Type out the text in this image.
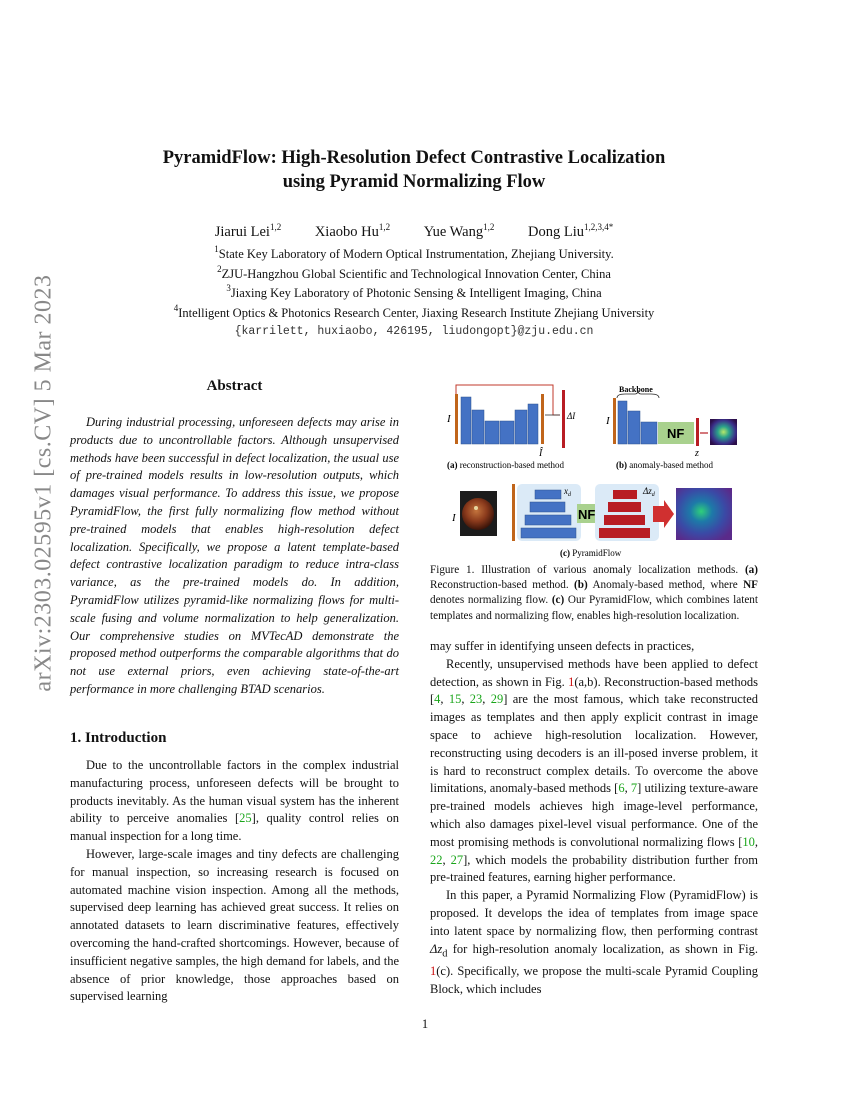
arXiv:2303.02595v1 [cs.CV] 5 Mar 2023
PyramidFlow: High-Resolution Defect Contrastive Localization
using Pyramid Normalizing Flow
Jiarui Lei$^{1,2}$ Xiaobo Hu$^{1,2}$ Yue Wang$^{1,2}$ Dong Liu$^{1,2,3,4*}$
$^1$State Key Laboratory of Modern Optical Instrumentation, Zhejiang University.
$^2$ZJU-Hangzhou Global Scientific and Technological Innovation Center, China
$^3$Jiaxing Key Laboratory of Photonic Sensing & Intelligent Imaging, China
$^4$Intelligent Optics & Photonics Research Center, Jiaxing Research Institute Zhejiang University
{karrilett, huxiaobo, 426195, liudongopt}@zju.edu.cn
Abstract
During industrial processing, unforeseen defects may arise in products due to uncontrollable factors. Although unsupervised methods have been successful in defect localization, the usual use of pre-trained models results in low-resolution outputs, which damages visual performance. To address this issue, we propose PyramidFlow, the first fully normalizing flow method without pre-trained models that enables high-resolution defect localization. Specifically, we propose a latent template-based defect contrastive localization paradigm to reduce intra-class variance, as the pre-trained models do. In addition, PyramidFlow utilizes pyramid-like normalizing flows for multi-scale fusing and volume normalization to help generalization. Our comprehensive studies on MVTecAD demonstrate the proposed method outperforms the comparable algorithms that do not use external priors, even achieving state-of-the-art performance in more challenging BTAD scenarios.
1. Introduction

Due to the uncontrollable factors in the complex industrial manufacturing process, unforeseen defects will be brought to products inevitably. As the human visual system has the inherent ability to perceive anomalies [25], quality control relies on manual inspection for a long time.

However, large-scale images and tiny defects are challenging for manual inspection, so increasing research is focused on automated machine vision inspection. Among all the methods, supervised deep learning has achieved great success. It relies on annotated datasets to learn discriminative features, effectively overcoming the hand-crafted shortcomings. However, because of insufficient negative samples, the high demand for labels, and the absence of prior knowledge, those approaches based on supervised learning

I
Î
ΔI
(a) reconstruction-based method
Backbone
I
NF
z
(b) anomaly-based method
I
$x_d$
NF
$\Delta z_d$
(c) PyramidFlow
Figure 1. Illustration of various anomaly localization methods. (a) Reconstruction-based method. (b) Anomaly-based method, where NF denotes normalizing flow. (c) Our PyramidFlow, which combines latent templates and normalizing flow, enables high-resolution localization.
may suffer in identifying unseen defects in practices,

Recently, unsupervised methods have been applied to defect detection, as shown in Fig. 1(a,b). Reconstruction-based methods [4, 15, 23, 29] are the most famous, which take reconstructed images as templates and then apply explicit contrast in image space to achieve high-resolution localization. However, reconstructing using decoders is an ill-posed inverse problem, it is hard to reconstruct complex details. To overcome the above limitations, anomaly-based methods [6, 7] utilizing texture-aware pre-trained models achieves high image-level performance, which also damages pixel-level visual performance. One of the most promising methods is convolutional normalizing flows [10, 22, 27], which models the probability distribution further from pre-trained features, earning higher performance.

In this paper, a Pyramid Normalizing Flow (PyramidFlow) is proposed. It develops the idea of templates from image space into latent space by normalizing flow, then performing contrast $\Delta z_d$ for high-resolution anomaly localization, as shown in Fig. 1(c). Specifically, we propose the multi-scale Pyramid Coupling Block, which includes

1
